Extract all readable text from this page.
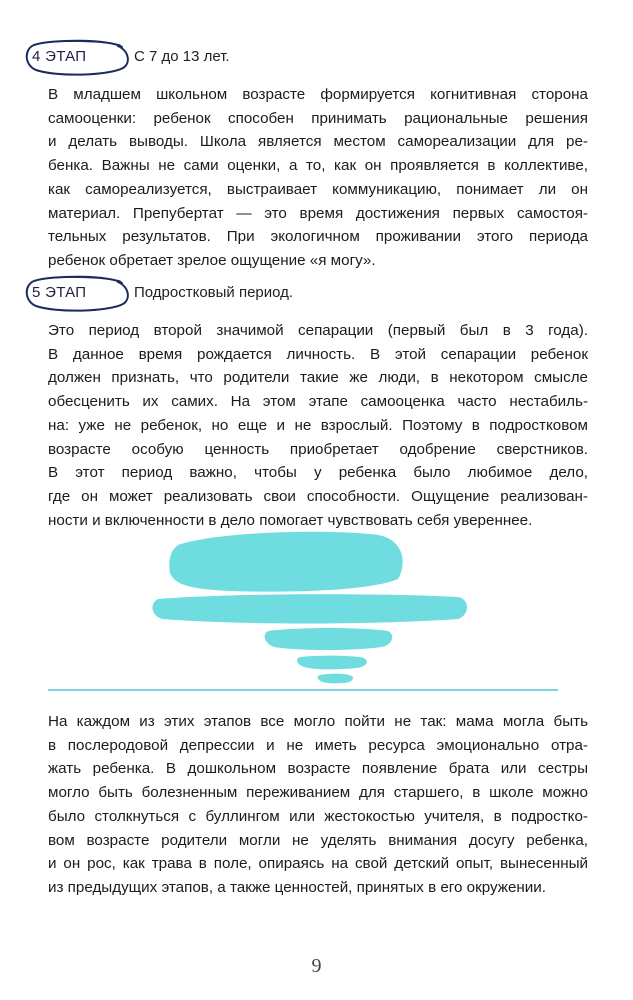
4 ЭТАП	С 7 до 13 лет.
В младшем школьном возрасте формируется когнитивная сторона
самооценки: ребенок способен принимать рациональные решения
и делать выводы. Школа является местом самореализации для ре-
бенка. Важны не сами оценки, а то, как он проявляется в коллективе,
как самореализуется, выстраивает коммуникацию, понимает ли он
материал. Препубертат — это время достижения первых самостоя-
тельных результатов. При экологичном проживании этого периода
ребенок обретает зрелое ощущение «я могу».
5 ЭТАП	Подростковый период.
Это период второй значимой сепарации (первый был в 3 года).
В данное время рождается личность. В этой сепарации ребенок
должен признать, что родители такие же люди, в некотором смысле
обесценить их самих. На этом этапе самооценка часто нестабиль-
на: уже не ребенок, но еще и не взрослый. Поэтому в подростковом
возрасте особую ценность приобретает одобрение сверстников.
В этот период важно, чтобы у ребенка было любимое дело,
где он может реализовать свои способности. Ощущение реализован-
ности и включенности в дело помогает чувствовать себя увереннее.
На каждом из этих этапов все могло пойти не так: мама могла быть
в послеродовой депрессии и не иметь ресурса эмоционально отра-
жать ребенка. В дошкольном возрасте появление брата или сестры
могло быть болезненным переживанием для старшего, в школе можно
было столкнуться с буллингом или жестокостью учителя, в подростко-
вом возрасте родители могли не уделять внимания досугу ребенка,
и он рос, как трава в поле, опираясь на свой детский опыт, вынесенный
из предыдущих этапов, а также ценностей, принятых в его окружении.
9
